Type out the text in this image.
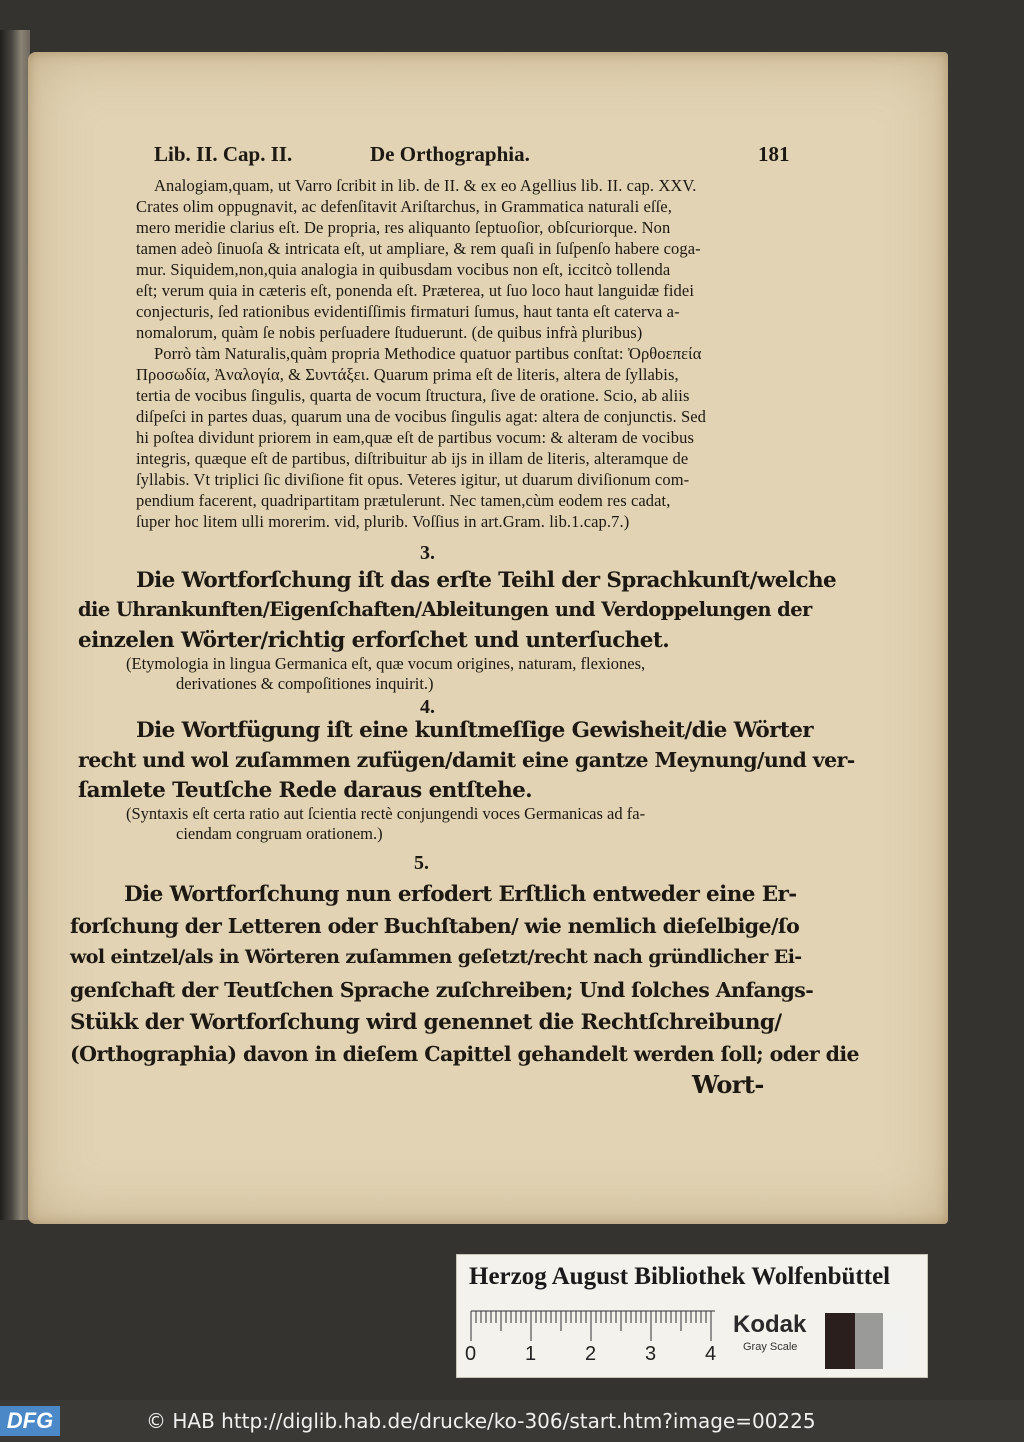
Lib. II. Cap. II.	De Orthographia.	181
Analogiam,quam, ut Varro ſcribit in lib. de II. & ex eo Agellius lib. II. cap. XXV.
Crates olim oppugnavit, ac defenſitavit Ariſtarchus, in Grammatica naturali eſſe,
mero meridie clarius eſt. De propria, res aliquanto ſeptuoſior, obſcuriorque. Non
tamen adeò ſinuoſa & intricata eſt, ut ampliare, & rem quaſi in ſuſpenſo habere coga-
mur. Siquidem,non,quia analogia in quibusdam vocibus non eſt, iccitcò tollenda
eſt; verum quia in cæteris eſt, ponenda eſt. Præterea, ut ſuo loco haut languidæ fidei
conjecturis, ſed rationibus evidentiſſimis firmaturi ſumus, haut tanta eſt caterva a-
nomalorum, quàm ſe nobis perſuadere ſtuduerunt. (de quibus infrà pluribus)
Porrò tàm Naturalis,quàm propria Methodice quatuor partibus conſtat: Ὀρθοεπεία
Προσωδία, Ἀναλογία, & Συντάξει. Quarum prima eſt de literis, altera de ſyllabis,
tertia de vocibus ſingulis, quarta de vocum ſtructura, ſive de oratione. Scio, ab aliis
diſpeſci in partes duas, quarum una de vocibus ſingulis agat: altera de conjunctis. Sed
hi poſtea dividunt priorem in eam,quæ eſt de partibus vocum: & alteram de vocibus
integris, quæque eſt de partibus, diſtribuitur ab ijs in illam de literis, alteramque de
ſyllabis. Vt triplici ſic diviſione fit opus. Veteres igitur, ut duarum diviſionum com-
pendium facerent, quadripartitam prætulerunt. Nec tamen,cùm eodem res cadat,
ſuper hoc litem ulli morerim. vid, plurib. Voſſius in art.Gram. lib.1.cap.7.)
3.
Die Wortforſchung iſt das erſte Teihl der Sprachkunſt/welche
die Uhrankunften/Eigenſchaften/Ableitungen und Verdoppelungen der
einzelen Wörter/richtig erforſchet und unterſuchet.
(Etymologia in lingua Germanica eſt, quæ vocum origines, naturam, flexiones,
derivationes & compoſitiones inquirit.)
4.
Die Wortfügung iſt eine kunſtmeſſige Gewisheit/die Wörter
recht und wol zuſammen zufügen/damit eine gantze Meynung/und ver-
ſamlete Teutſche Rede daraus entſtehe.
(Syntaxis eſt certa ratio aut ſcientia rectè conjungendi voces Germanicas ad fa-
ciendam congruam orationem.)
5.
Die Wortforſchung nun erfodert Erſtlich entweder eine Er-
forſchung der Letteren oder Buchſtaben/ wie nemlich dieſelbige/ſo
wol eintzel/als in Wörteren zuſammen geſetzt/recht nach gründlicher Ei-
genſchaft der Teutſchen Sprache zuſchreiben; Und ſolches Anfangs-
Stükk der Wortforſchung wird genennet die Rechtſchreibung/
(Orthographia) davon in dieſem Capittel gehandelt werden ſoll; oder die
Wort-
Herzog August Bibliothek Wolfenbüttel
0 1 2 3 4
Kodak
Gray Scale
DFG	© HAB http://diglib.hab.de/drucke/ko-306/start.htm?image=00225
